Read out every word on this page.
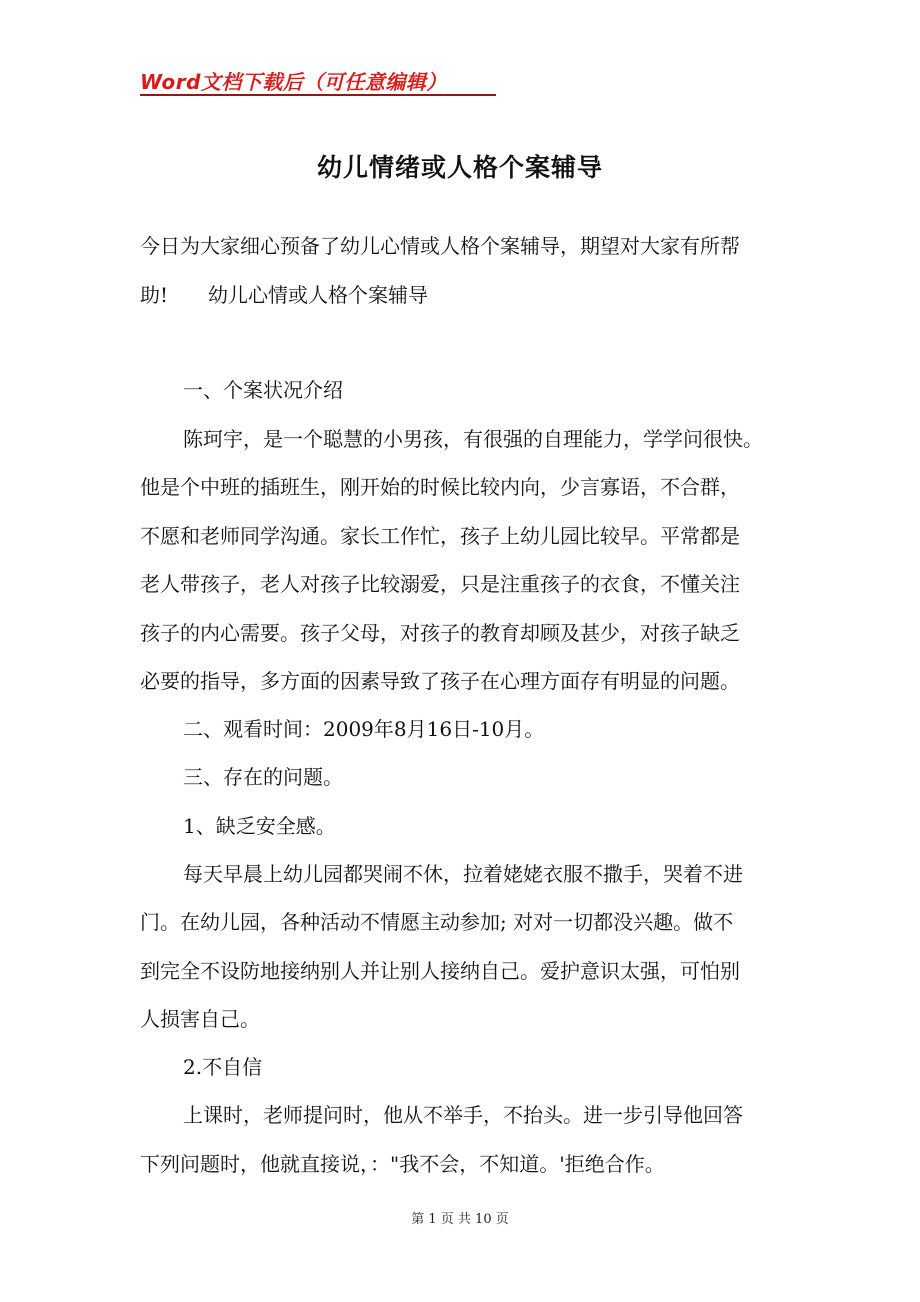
Word文档下载后（可任意编辑）
幼儿情绪或人格个案辅导
今日为大家细心预备了幼儿心情或人格个案辅导，期望对大家有所帮
助!　　幼儿心情或人格个案辅导
一、个案状况介绍
陈珂宇，是一个聪慧的小男孩，有很强的自理能力，学学问很快。
他是个中班的插班生，刚开始的时候比较内向，少言寡语，不合群，
不愿和老师同学沟通。家长工作忙，孩子上幼儿园比较早。平常都是
老人带孩子，老人对孩子比较溺爱，只是注重孩子的衣食，不懂关注
孩子的内心需要。孩子父母，对孩子的教育却顾及甚少，对孩子缺乏
必要的指导，多方面的因素导致了孩子在心理方面存有明显的问题。
二、观看时间：2009年8月16日-10月。
三、存在的问题。
1、缺乏安全感。
每天早晨上幼儿园都哭闹不休，拉着姥姥衣服不撒手，哭着不进
门。在幼儿园，各种活动不情愿主动参加; 对对一切都没兴趣。做不
到完全不设防地接纳别人并让别人接纳自己。爱护意识太强，可怕别
人损害自己。
2.不自信
上课时，老师提问时，他从不举手，不抬头。进一步引导他回答
下列问题时，他就直接说，："我不会，不知道。'拒绝合作。
第 1 页 共 10 页
